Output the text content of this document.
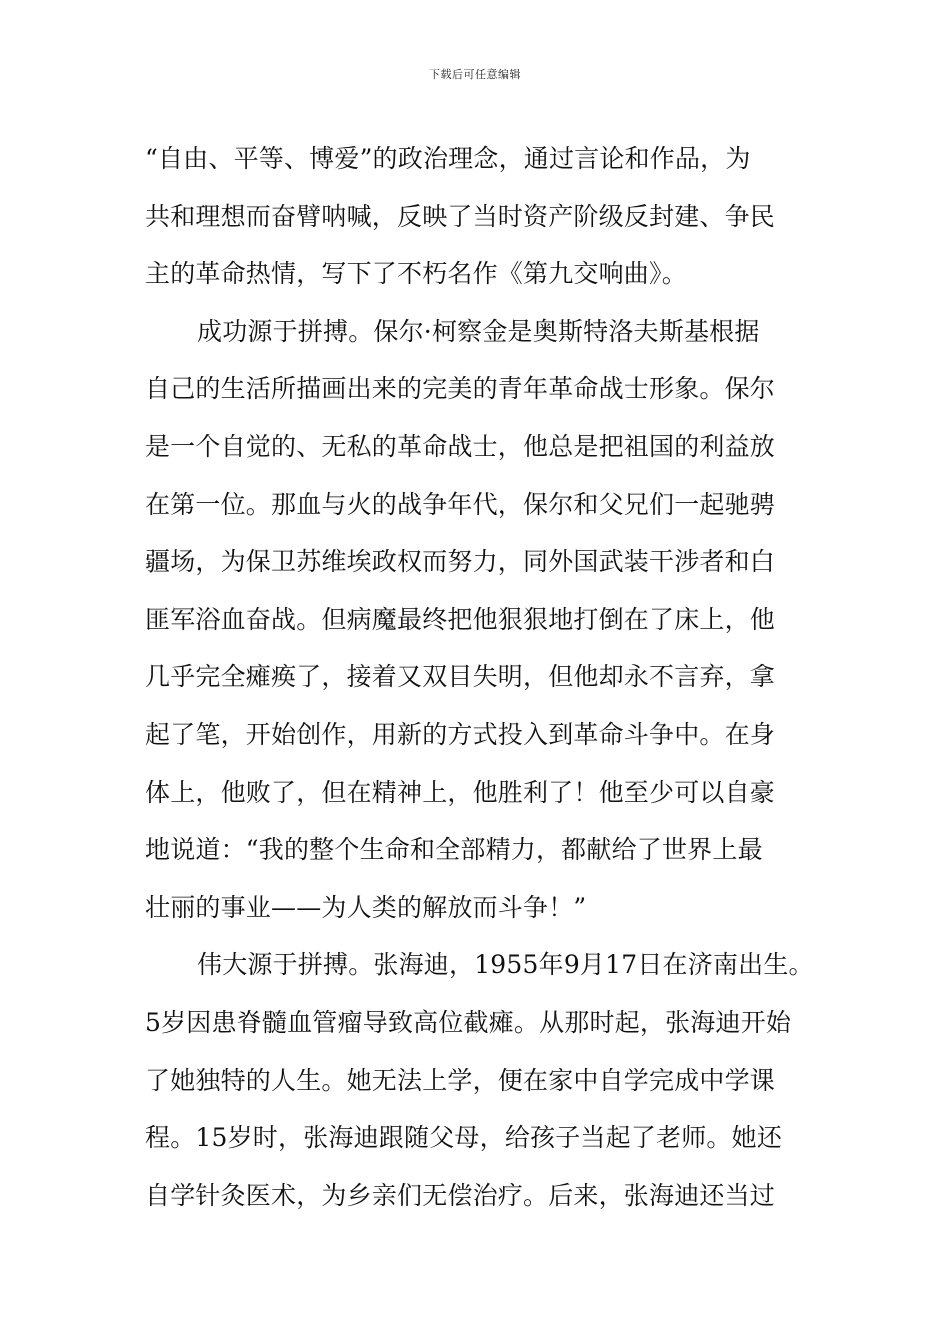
下载后可任意编辑
“自由、平等、博爱”的政治理念，通过言论和作品，为
共和理想而奋臂呐喊，反映了当时资产阶级反封建、争民
主的革命热情，写下了不朽名作《第九交响曲》。
成功源于拼搏。保尔·柯察金是奥斯特洛夫斯基根据
自己的生活所描画出来的完美的青年革命战士形象。保尔
是一个自觉的、无私的革命战士，他总是把祖国的利益放
在第一位。那血与火的战争年代，保尔和父兄们一起驰骋
疆场，为保卫苏维埃政权而努力，同外国武装干涉者和白
匪军浴血奋战。但病魔最终把他狠狠地打倒在了床上，他
几乎完全瘫痪了，接着又双目失明，但他却永不言弃，拿
起了笔，开始创作，用新的方式投入到革命斗争中。在身
体上，他败了，但在精神上，他胜利了！他至少可以自豪
地说道：“我的整个生命和全部精力，都献给了世界上最
壮丽的事业——为人类的解放而斗争！”
伟大源于拼搏。张海迪，1955年9月17日在济南出生。
5岁因患脊髓血管瘤导致高位截瘫。从那时起，张海迪开始
了她独特的人生。她无法上学，便在家中自学完成中学课
程。15岁时，张海迪跟随父母，给孩子当起了老师。她还
自学针灸医术，为乡亲们无偿治疗。后来，张海迪还当过
